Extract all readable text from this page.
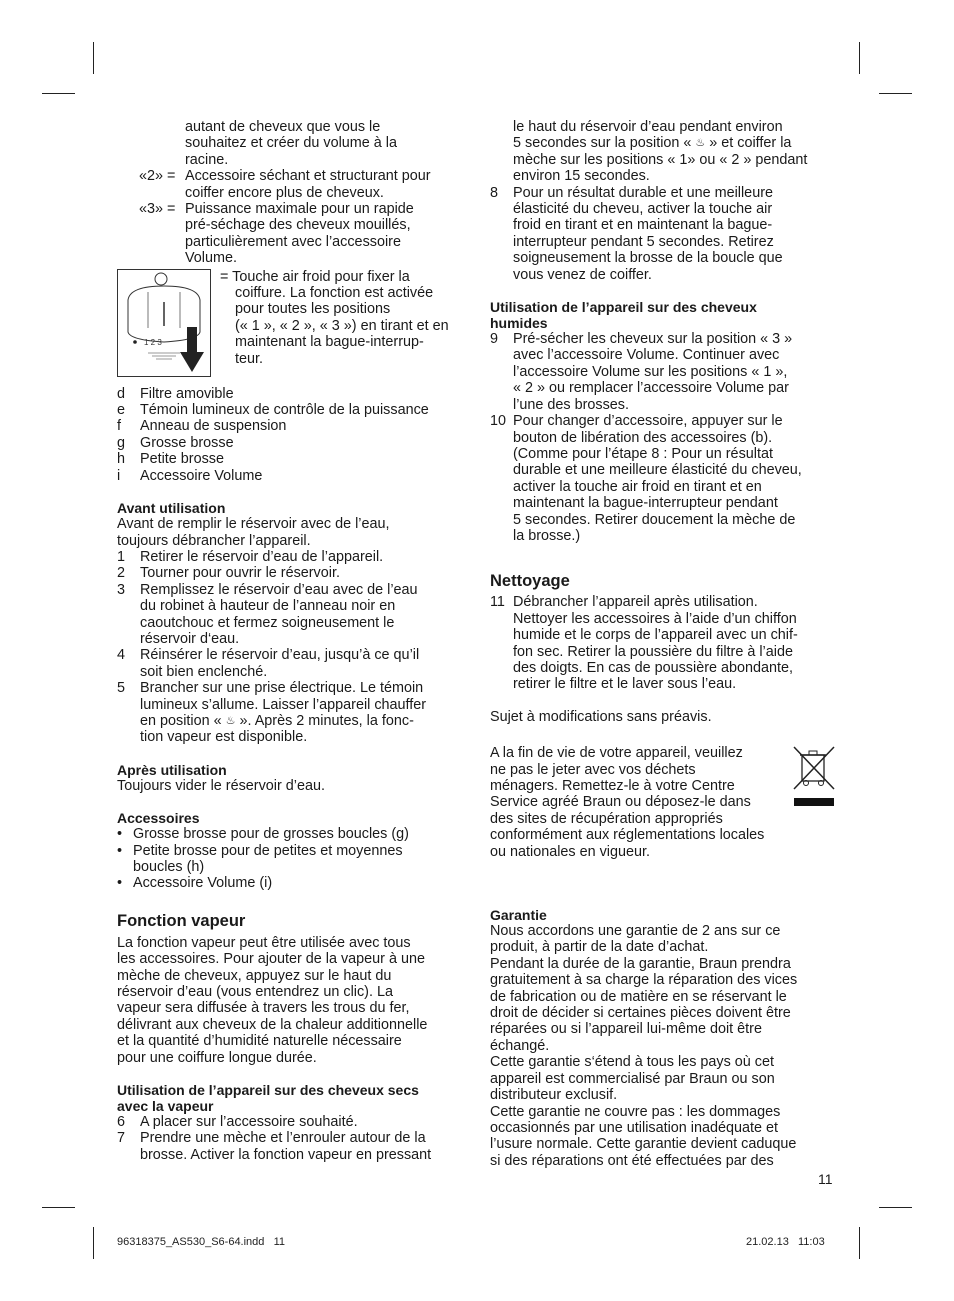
autant de cheveux que vous le

souhaitez et créer du volume à la

racine.

«2» = Accessoire séchant et structurant pour

coiffer encore plus de cheveux.

«3» = Puissance maximale pour un rapide

pré-séchage des cheveux mouillés,

particulièrement avec l’accessoire

Volume.

1 2 3

= Touche air froid pour fixer la

coiffure. La fonction est activée

pour toutes les positions

(« 1 », « 2 », « 3 ») en tirant et en

maintenant la bague-interrup-

teur.

d	Filtre amovible
e	Témoin lumineux de contrôle de la puissance
f	Anneau de suspension
g	Grosse brosse
h	Petite brosse
i	Accessoire Volume

Avant utilisation

Avant de remplir le réservoir avec de l’eau,

toujours débrancher l’appareil.

1	Retirer le réservoir d’eau de l’appareil.

2	Tourner pour ouvrir le réservoir.

3	Remplissez le réservoir d’eau avec de l’eau

du robinet à hauteur de l’anneau noir en

caoutchouc et fermez soigneusement le

réservoir d‘eau.

4	Réinsérer le réservoir d’eau, jusqu’à ce qu’il

soit bien enclenché.

5	Brancher sur une prise électrique. Le témoin

lumineux s’allume. Laisser l’appareil chauffer

en position « ♨ ». Après 2 minutes, la fonc-

tion vapeur est disponible.

Après utilisation

Toujours vider le réservoir d’eau.

Accessoires

• Grosse brosse pour de grosses boucles (g)

• Petite brosse pour de petites et moyennes

boucles (h)

• Accessoire Volume (i)

Fonction vapeur

La fonction vapeur peut être utilisée avec tous

les accessoires. Pour ajouter de la vapeur à une

mèche de cheveux, appuyez sur le haut du

réservoir d’eau (vous entendrez un clic). La

vapeur sera diffusée à travers les trous du fer,

délivrant aux cheveux de la chaleur additionnelle

et la quantité d’humidité naturelle nécessaire

pour une coiffure longue durée.

Utilisation de l’appareil sur des cheveux secs

avec la vapeur

6	A placer sur l’accessoire souhaité.

7	Prendre une mèche et l’enrouler autour de la

brosse. Activer la fonction vapeur en pressant

le haut du réservoir d’eau pendant environ

5 secondes sur la position « ♨ » et coiffer la

mèche sur les positions « 1» ou « 2 » pendant

environ 15 secondes.

8	Pour un résultat durable et une meilleure

élasticité du cheveu, activer la touche air

froid en tirant et en maintenant la bague-

interrupteur pendant 5 secondes. Retirez

soigneusement la brosse de la boucle que

vous venez de coiffer.

Utilisation de l’appareil sur des cheveux

humides

9	Pré-sécher les cheveux sur la position « 3 »

avec l’accessoire Volume. Continuer avec

l’accessoire Volume sur les positions « 1 »,

« 2 » ou remplacer l’accessoire Volume par

l’une des brosses.

10 Pour changer d’accessoire, appuyer sur le

bouton de libération des accessoires (b).

(Comme pour l’étape 8 : Pour un résultat

durable et une meilleure élasticité du cheveu,

activer la touche air froid en tirant et en

maintenant la bague-interrupteur pendant

5 secondes. Retirer doucement la mèche de

la brosse.)

Nettoyage

11 Débrancher l’appareil après utilisation.

Nettoyer les accessoires à l’aide d’un chiffon

humide et le corps de l’appareil avec un chif-

fon sec. Retirer la poussière du filtre à l’aide

des doigts. En cas de poussière abondante,

retirer le filtre et le laver sous l’eau.

Sujet à modifications sans préavis.

A la fin de vie de votre appareil, veuillez

ne pas le jeter avec vos déchets

ménagers. Remettez-le à votre Centre

Service agréé Braun ou déposez-le dans

des sites de récupération appropriés

conformément aux réglementations locales

ou nationales en vigueur.

Garantie

Nous accordons une garantie de 2 ans sur ce

produit, à partir de la date d’achat.

Pendant la durée de la garantie, Braun prendra

gratuitement à sa charge la réparation des vices

de fabrication ou de matière en se réservant le

droit de décider si certaines pièces doivent être

réparées ou si l’appareil lui-même doit être

échangé.

Cette garantie s‘étend à tous les pays où cet

appareil est commercialisé par Braun ou son

distributeur exclusif.

Cette garantie ne couvre pas : les dommages

occasionnés par une utilisation inadéquate et

l’usure normale. Cette garantie devient caduque

si des réparations ont été effectuées par des

11
96318375_AS530_S6-64.indd   11	21.02.13   11:03
